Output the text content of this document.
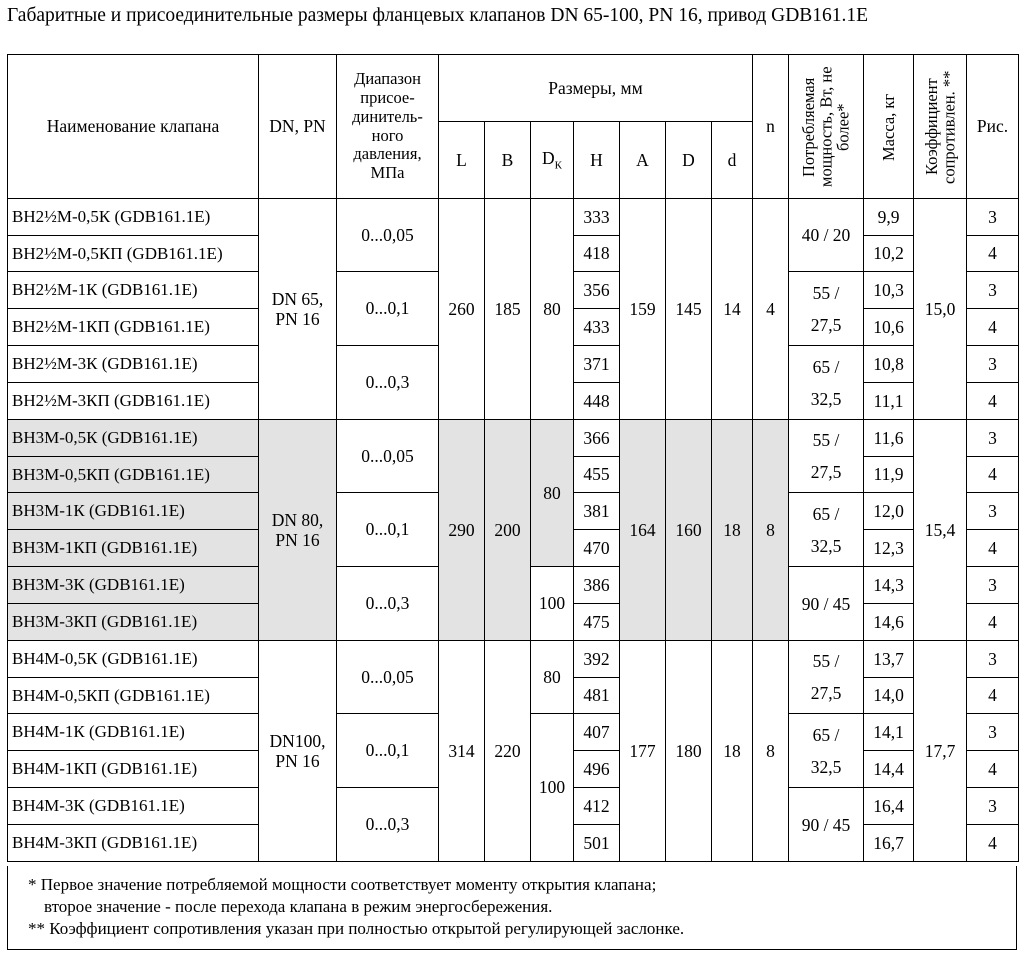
Габаритные и присоединительные размеры фланцевых клапанов DN 65-100, PN 16, привод GDB161.1E
Наименование клапана	DN, PN	Диапазон присое-динитель-ного давления, МПа	Размеры, мм							n	Потребляемая мощность, Вт, не более*	Масса, кг	Коэффициент сопротивлен. **	Рис.
			L	B	$D_К$	H	A	D	d					
ВН2½М-0,5К (GDB161.1E)	DN 65, PN 16	0...0,05	260	185	80	333	159	145	14	4	40 / 20	9,9	15,0	3
ВН2½М-0,5КП (GDB161.1E)						418						10,2		4
ВН2½М-1К (GDB161.1E)		0...0,1				356					55 / 27,5	10,3		3
ВН2½М-1КП (GDB161.1E)						433						10,6		4
ВН2½М-3К (GDB161.1E)		0...0,3				371					65 / 32,5	10,8		3
ВН2½М-3КП (GDB161.1E)						448						11,1		4
ВН3М-0,5К (GDB161.1E)	DN 80, PN 16	0...0,05	290	200	80	366	164	160	18	8	55 / 27,5	11,6	15,4	3
ВН3М-0,5КП (GDB161.1E)						455						11,9		4
ВН3М-1К (GDB161.1E)		0...0,1				381					65 / 32,5	12,0		3
ВН3М-1КП (GDB161.1E)						470						12,3		4
ВН3М-3К (GDB161.1E)		0...0,3			100	386					90 / 45	14,3		3
ВН3М-3КП (GDB161.1E)						475						14,6		4
ВН4М-0,5К (GDB161.1E)	DN100, PN 16	0...0,05	314	220	80	392	177	180	18	8	55 / 27,5	13,7	17,7	3
ВН4М-0,5КП (GDB161.1E)						481						14,0		4
ВН4М-1К (GDB161.1E)		0...0,1			100	407					65 / 32,5	14,1		3
ВН4М-1КП (GDB161.1E)						496						14,4		4
ВН4М-3К (GDB161.1E)		0...0,3				412					90 / 45	16,4		3
ВН4М-3КП (GDB161.1E)						501						16,7		4
* Первое значение потребляемой мощности соответствует моменту открытия клапана;
второе значение - после перехода клапана в режим энергосбережения.
** Коэффициент сопротивления указан при полностью открытой регулирующей заслонке.
